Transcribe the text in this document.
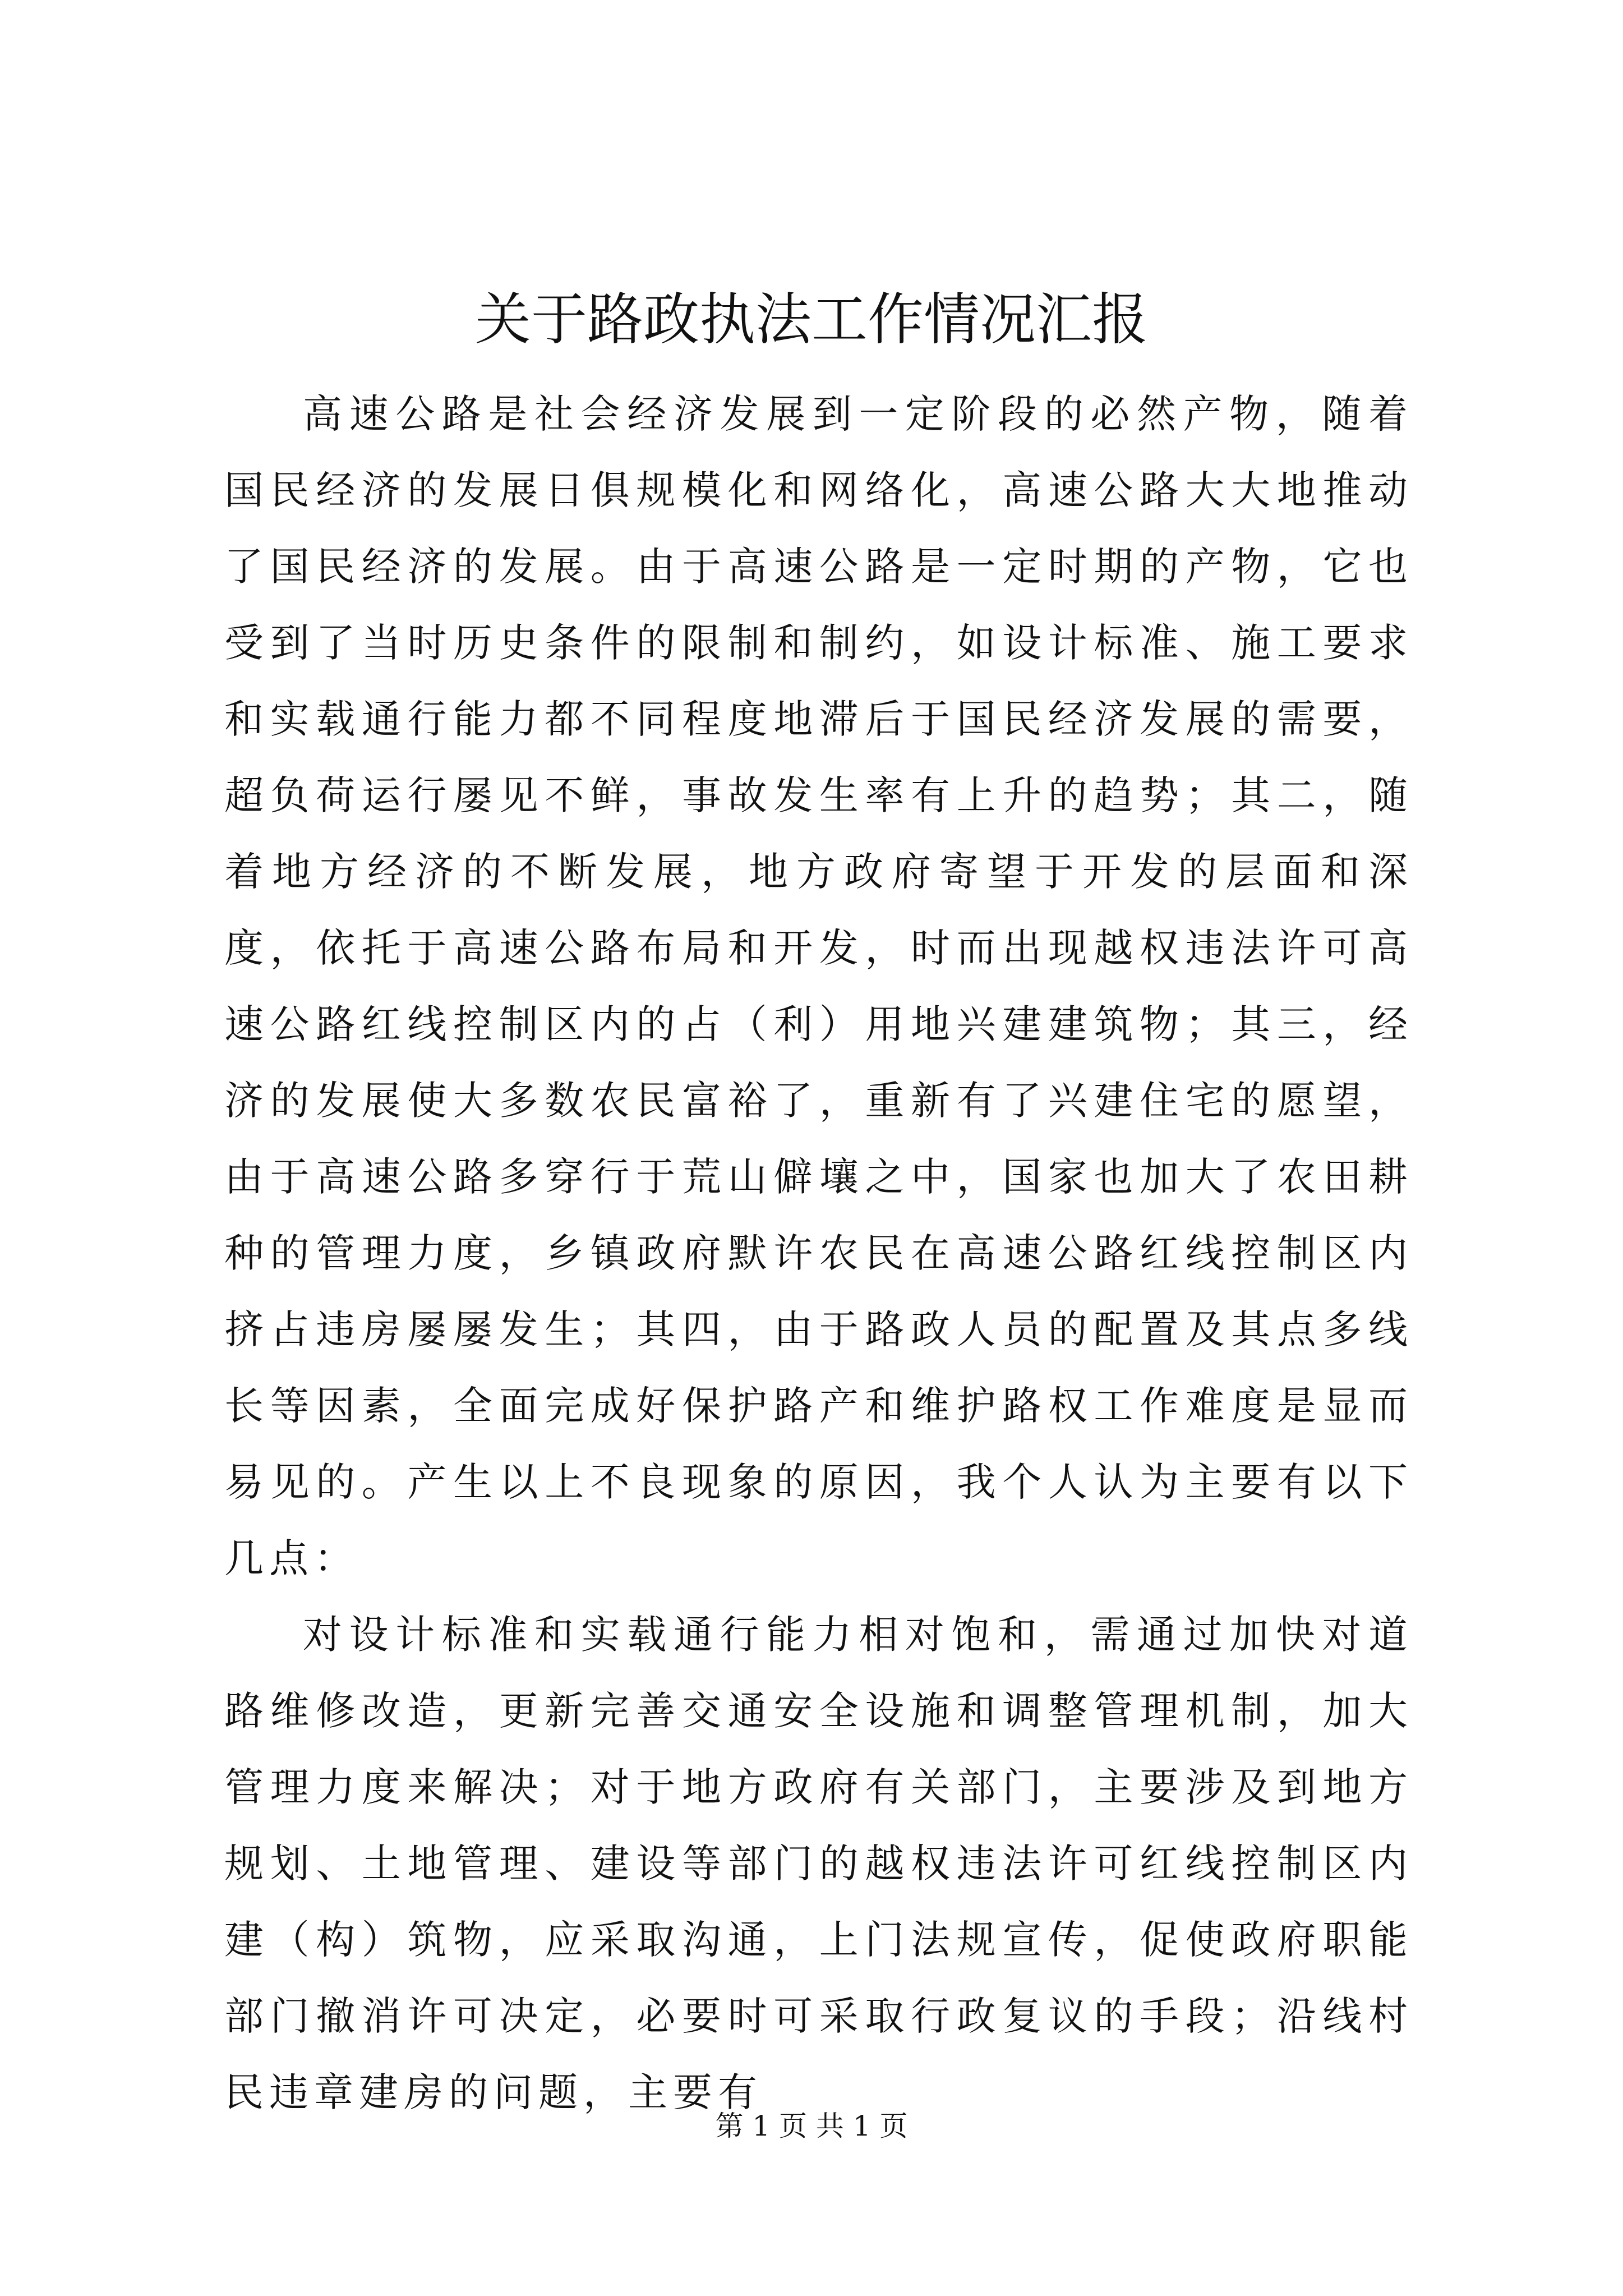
关于路政执法工作情况汇报

高速公路是社会经济发展到一定阶段的必然产物，随着国民经济的发展日俱规模化和网络化，高速公路大大地推动了国民经济的发展。由于高速公路是一定时期的产物，它也受到了当时历史条件的限制和制约，如设计标准、施工要求和实载通行能力都不同程度地滞后于国民经济发展的需要，超负荷运行屡见不鲜，事故发生率有上升的趋势；其二，随着地方经济的不断发展，地方政府寄望于开发的层面和深度，依托于高速公路布局和开发，时而出现越权违法许可高速公路红线控制区内的占（利）用地兴建建筑物；其三，经济的发展使大多数农民富裕了，重新有了兴建住宅的愿望，由于高速公路多穿行于荒山僻壤之中，国家也加大了农田耕种的管理力度，乡镇政府默许农民在高速公路红线控制区内挤占违房屡屡发生；其四，由于路政人员的配置及其点多线长等因素，全面完成好保护路产和维护路权工作难度是显而易见的。产生以上不良现象的原因，我个人认为主要有以下几点：

对设计标准和实载通行能力相对饱和，需通过加快对道路维修改造，更新完善交通安全设施和调整管理机制，加大管理力度来解决；对于地方政府有关部门，主要涉及到地方规划、土地管理、建设等部门的越权违法许可红线控制区内建（构）筑物，应采取沟通，上门法规宣传，促使政府职能部门撤消许可决定，必要时可采取行政复议的手段；沿线村民违章建房的问题，主要有

第 1 页 共 1 页
